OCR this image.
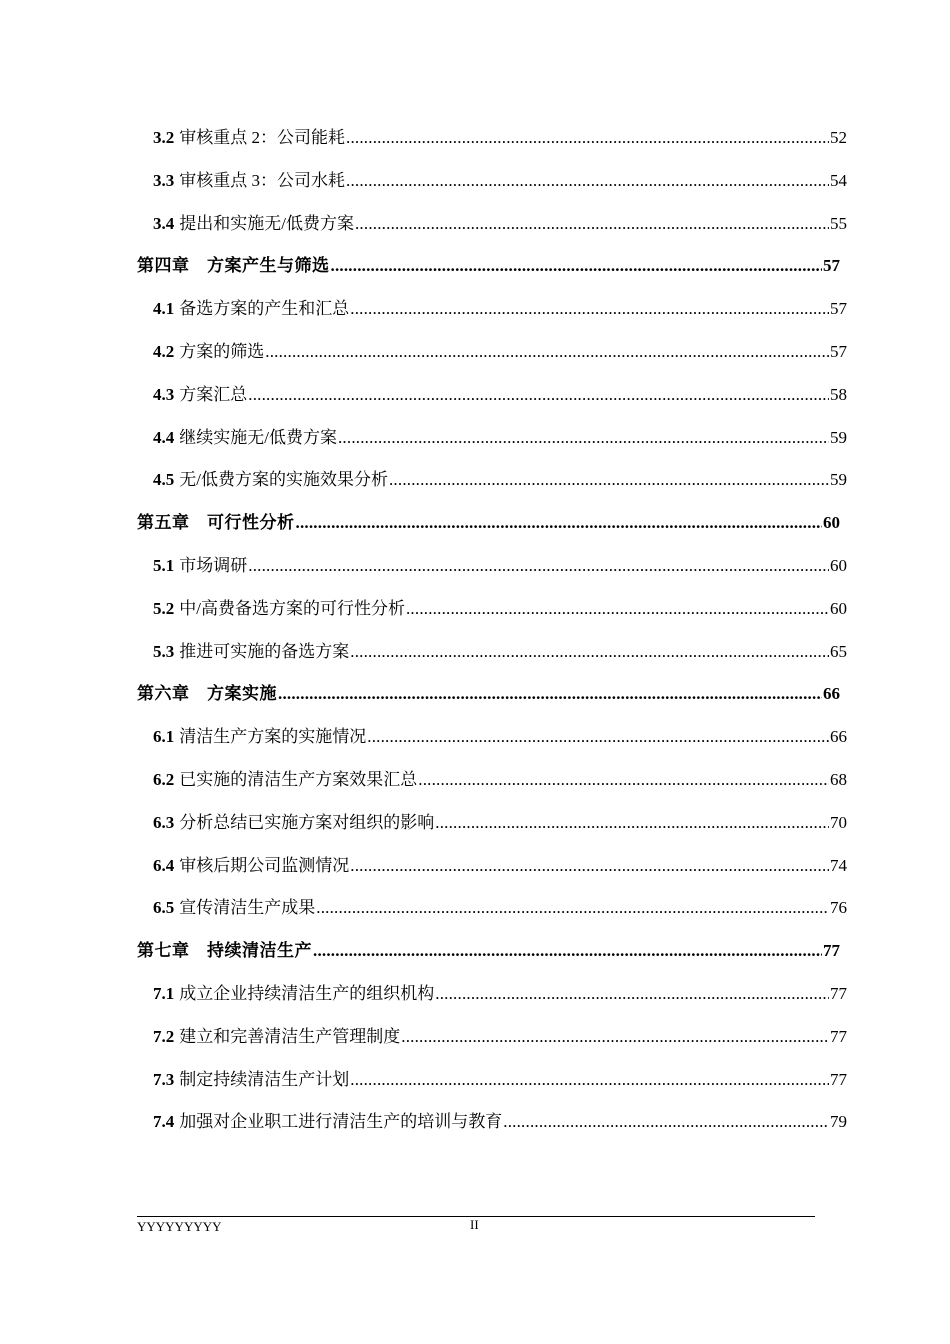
3.2 审核重点 2：公司能耗 .....	52
3.3 审核重点 3：公司水耗 .....	54
3.4 提出和实施无/低费方案 .....	55
第四章　方案产生与筛选 .....	57
4.1 备选方案的产生和汇总 .....	57
4.2 方案的筛选 .....	57
4.3 方案汇总 .....	58
4.4 继续实施无/低费方案 .....	59
4.5 无/低费方案的实施效果分析 .....	59
第五章　可行性分析 .....	60
5.1 市场调研 .....	60
5.2 中/高费备选方案的可行性分析 .....	60
5.3 推进可实施的备选方案 .....	65
第六章　方案实施 .....	66
6.1 清洁生产方案的实施情况 .....	66
6.2 已实施的清洁生产方案效果汇总 .....	68
6.3 分析总结已实施方案对组织的影响 .....	70
6.4 审核后期公司监测情况 .....	74
6.5 宣传清洁生产成果 .....	76
第七章　持续清洁生产 .....	77
7.1 成立企业持续清洁生产的组织机构 .....	77
7.2 建立和完善清洁生产管理制度 .....	77
7.3 制定持续清洁生产计划 .....	77
7.4 加强对企业职工进行清洁生产的培训与教育 .....	79
YYYYYYYYY	II
